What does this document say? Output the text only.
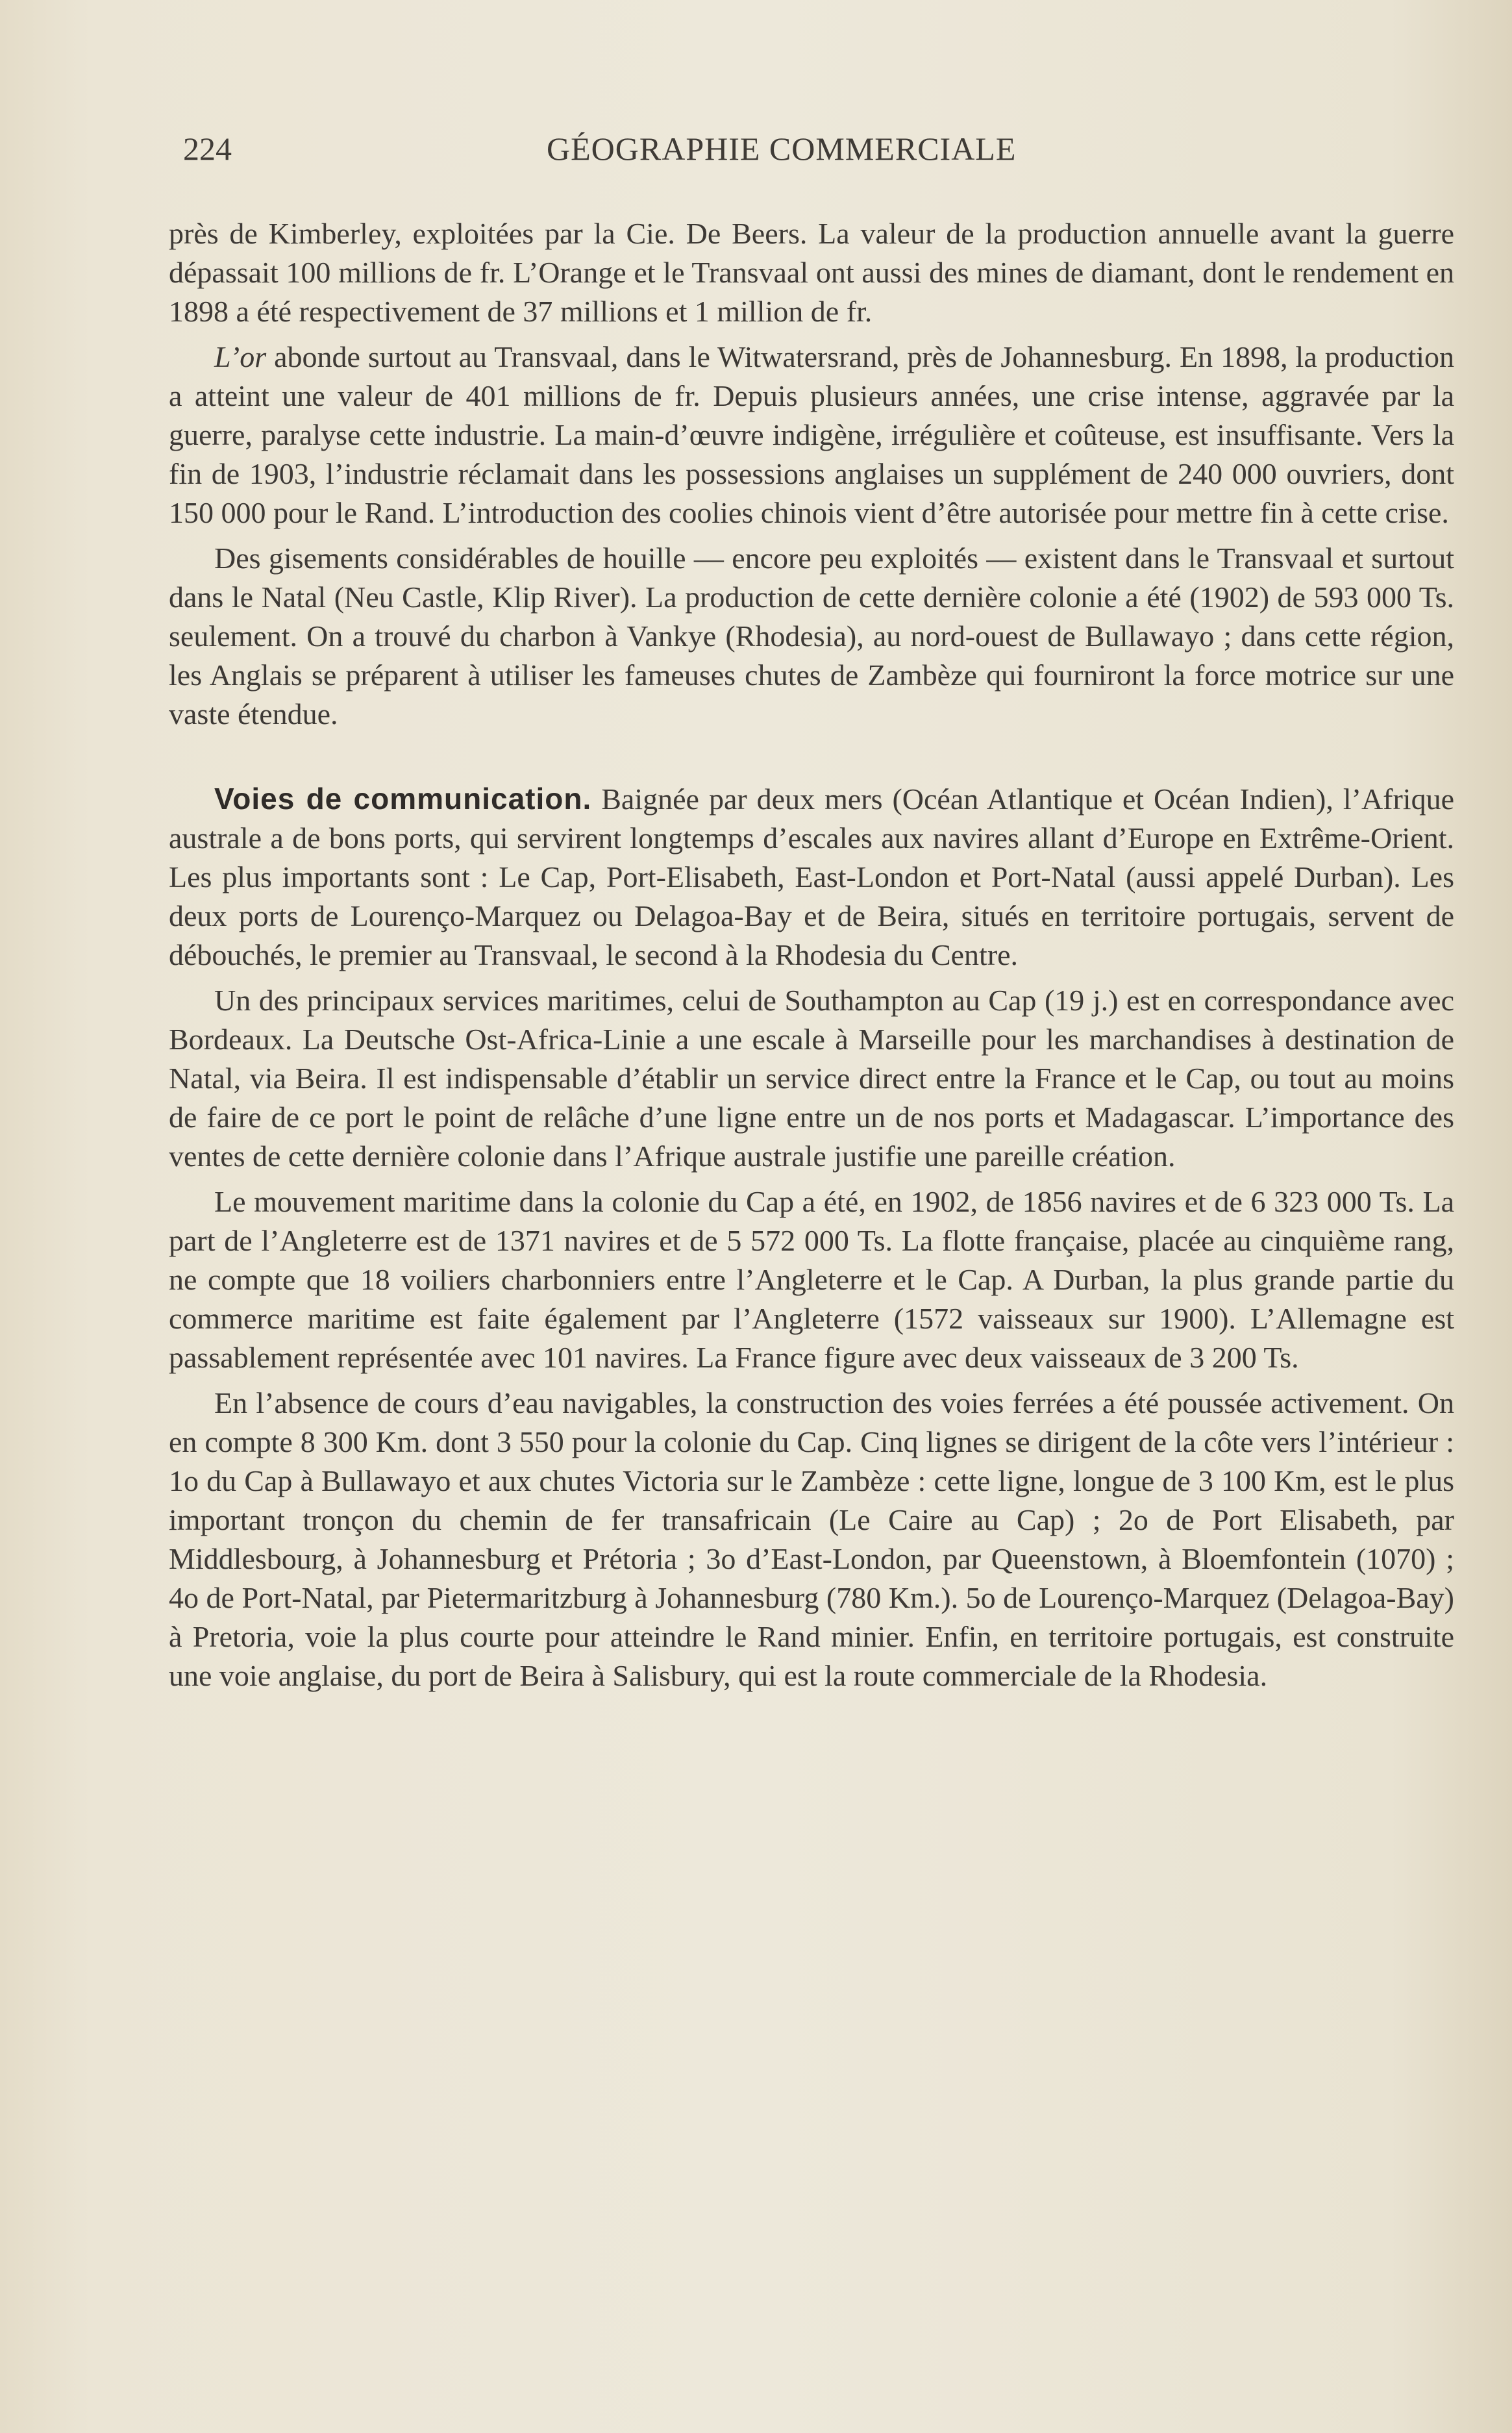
224	GÉOGRAPHIE COMMERCIALE

près de Kimberley, exploitées par la Cie. De Beers. La valeur de la production annuelle avant la guerre dépassait 100 millions de fr. L’Orange et le Transvaal ont aussi des mines de diamant, dont le rendement en 1898 a été respectivement de 37 millions et 1 million de fr.

L’or abonde surtout au Transvaal, dans le Witwatersrand, près de Johannesburg. En 1898, la production a atteint une valeur de 401 millions de fr. Depuis plusieurs années, une crise intense, aggravée par la guerre, paralyse cette industrie. La main-d’œuvre indigène, irrégulière et coûteuse, est insuffisante. Vers la fin de 1903, l’industrie réclamait dans les possessions anglaises un supplément de 240 000 ouvriers, dont 150 000 pour le Rand. L’introduction des coolies chinois vient d’être autorisée pour mettre fin à cette crise.

Des gisements considérables de houille — encore peu exploités — existent dans le Transvaal et surtout dans le Natal (Neu Castle, Klip River). La production de cette dernière colonie a été (1902) de 593 000 Ts. seulement. On a trouvé du charbon à Vankye (Rhodesia), au nord-ouest de Bullawayo ; dans cette région, les Anglais se préparent à utiliser les fameuses chutes de Zambèze qui fourniront la force motrice sur une vaste étendue.

Voies de communication. Baignée par deux mers (Océan Atlantique et Océan Indien), l’Afrique australe a de bons ports, qui servirent longtemps d’escales aux navires allant d’Europe en Extrême-Orient. Les plus importants sont : Le Cap, Port-Elisabeth, East-London et Port-Natal (aussi appelé Durban). Les deux ports de Lourenço-Marquez ou Delagoa-Bay et de Beira, situés en territoire portugais, servent de débouchés, le premier au Transvaal, le second à la Rhodesia du Centre.

Un des principaux services maritimes, celui de Southampton au Cap (19 j.) est en correspondance avec Bordeaux. La Deutsche Ost-Africa-Linie a une escale à Marseille pour les marchandises à destination de Natal, via Beira. Il est indispensable d’établir un service direct entre la France et le Cap, ou tout au moins de faire de ce port le point de relâche d’une ligne entre un de nos ports et Madagascar. L’importance des ventes de cette dernière colonie dans l’Afrique australe justifie une pareille création.

Le mouvement maritime dans la colonie du Cap a été, en 1902, de 1856 navires et de 6 323 000 Ts. La part de l’Angleterre est de 1371 navires et de 5 572 000 Ts. La flotte française, placée au cinquième rang, ne compte que 18 voiliers charbonniers entre l’Angleterre et le Cap. A Durban, la plus grande partie du commerce maritime est faite également par l’Angleterre (1572 vaisseaux sur 1900). L’Allemagne est passablement représentée avec 101 navires. La France figure avec deux vaisseaux de 3 200 Ts.

En l’absence de cours d’eau navigables, la construction des voies ferrées a été poussée activement. On en compte 8 300 Km. dont 3 550 pour la colonie du Cap. Cinq lignes se dirigent de la côte vers l’intérieur : 1o du Cap à Bullawayo et aux chutes Victoria sur le Zambèze : cette ligne, longue de 3 100 Km, est le plus important tronçon du chemin de fer transafricain (Le Caire au Cap) ; 2o de Port Elisabeth, par Middlesbourg, à Johannesburg et Prétoria ; 3o d’East-London, par Queenstown, à Bloemfontein (1070) ; 4o de Port-Natal, par Pietermaritzburg à Johannesburg (780 Km.). 5o de Lourenço-Marquez (Delagoa-Bay) à Pretoria, voie la plus courte pour atteindre le Rand minier. Enfin, en territoire portugais, est construite une voie anglaise, du port de Beira à Salisbury, qui est la route commerciale de la Rhodesia.
